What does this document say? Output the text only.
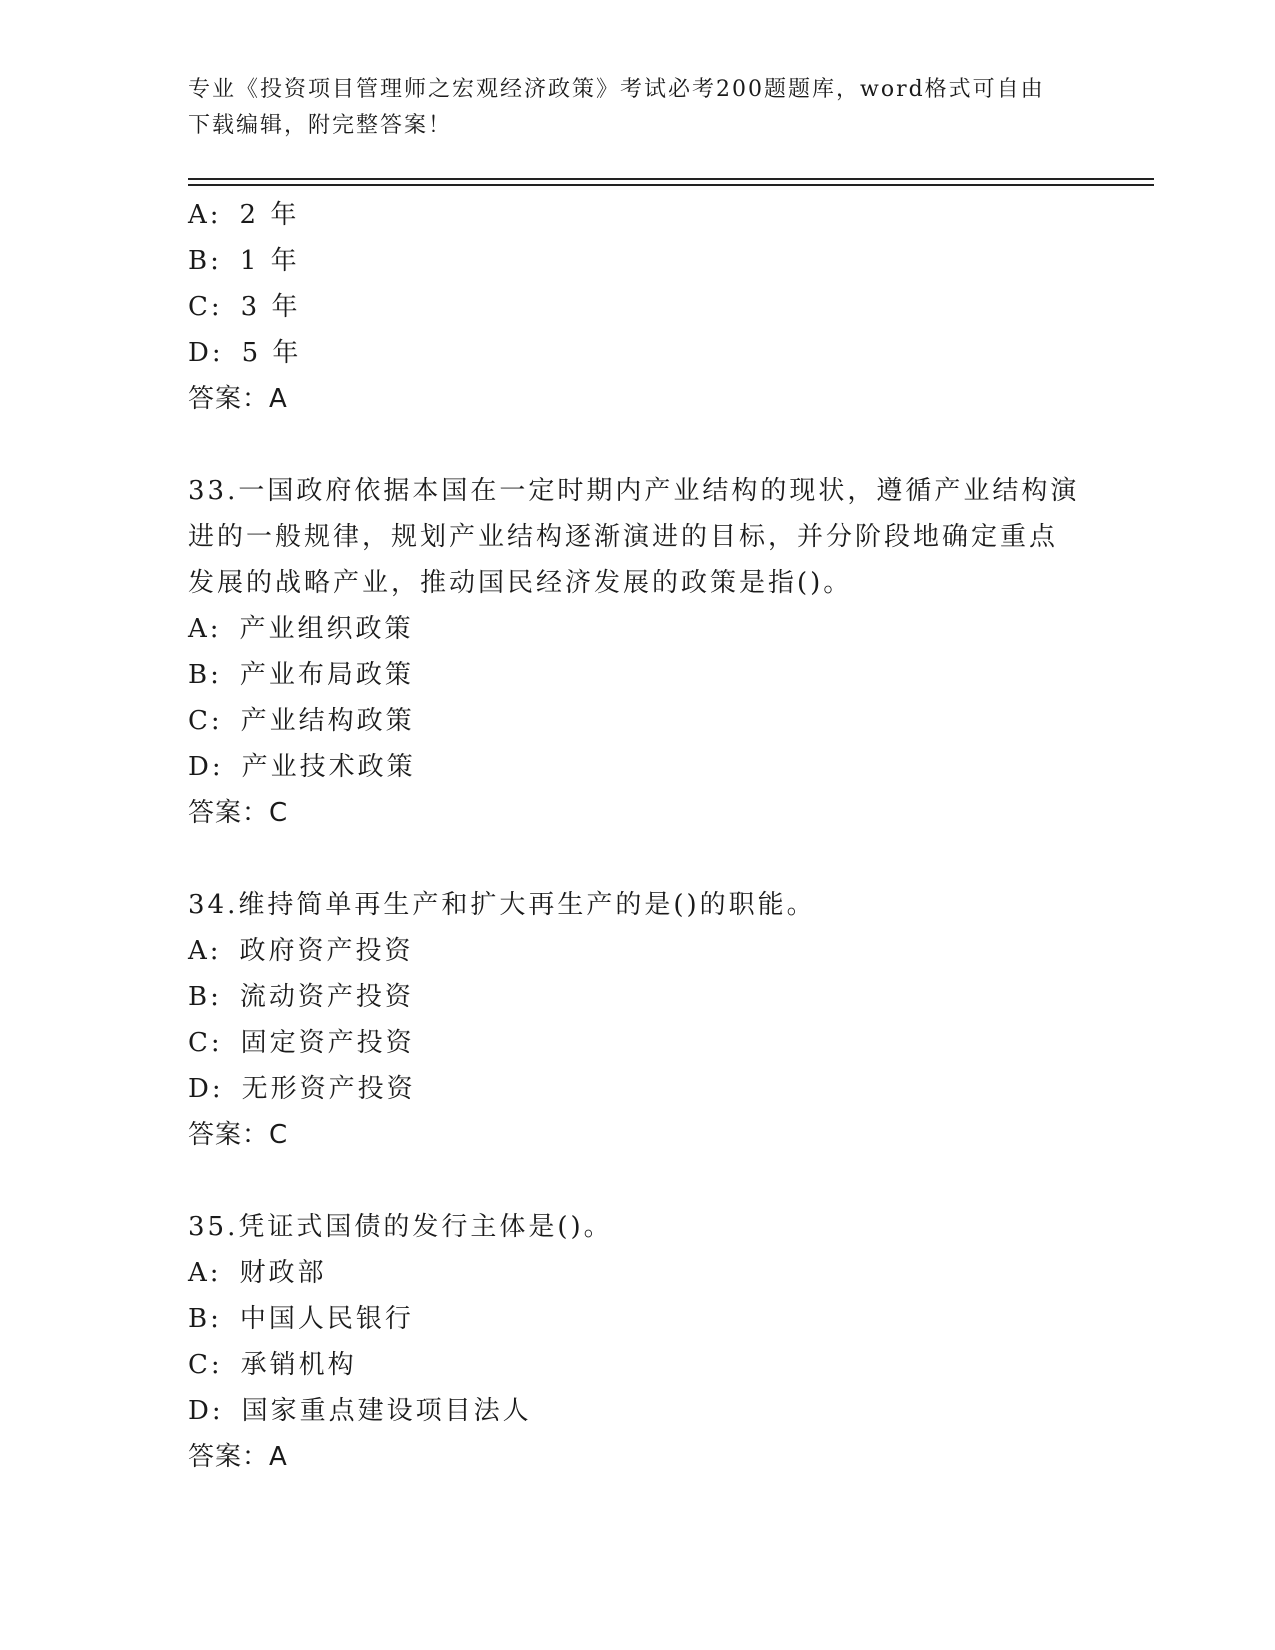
专业《投资项目管理师之宏观经济政策》考试必考200题题库，word格式可自由
下载编辑，附完整答案！
A: 2 年
B: 1 年
C: 3 年
D: 5 年
答案：A
33.一国政府依据本国在一定时期内产业结构的现状，遵循产业结构演
进的一般规律，规划产业结构逐渐演进的目标，并分阶段地确定重点
发展的战略产业，推动国民经济发展的政策是指()。
A: 产业组织政策
B: 产业布局政策
C: 产业结构政策
D: 产业技术政策
答案：C
34.维持简单再生产和扩大再生产的是()的职能。
A: 政府资产投资
B: 流动资产投资
C: 固定资产投资
D: 无形资产投资
答案：C
35.凭证式国债的发行主体是()。
A: 财政部
B: 中国人民银行
C: 承销机构
D: 国家重点建设项目法人
答案：A
